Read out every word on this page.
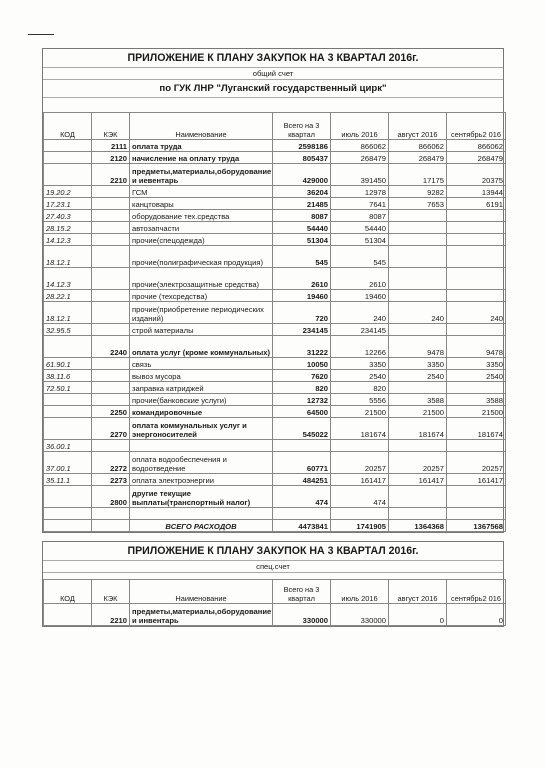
ПРИЛОЖЕНИЕ К ПЛАНУ ЗАКУПОК НА 3 КВАРТАЛ 2016г.
общий счет
по ГУК ЛНР "Луганский государственный цирк"
КОД	КЭК	Наименование	Всего на 3 квартал	июль 2016	август 2016	сентябрь2 016
	2111	оплата труда	2598186	866062	866062	866062
	2120	начисление на оплату труда	805437	268479	268479	268479
	2210	предметы,материалы,оборудование и иевентарь	429000	391450	17175	20375
19.20.2		ГСМ	36204	12978	9282	13944
17.23.1		канцтовары	21485	7641	7653	6191
27.40.3		оборудование тех.средства	8087	8087		
28.15.2		автозапчасти	54440	54440		
14.12.3		прочие(спецодежда)	51304	51304		
18.12.1		прочие(полиграфическая продукция)	545	545		
14.12.3		прочие(электрозащитные средства)	2610	2610		
28.22.1		прочие (техсредства)	19460	19460		
18.12.1		прочие(приобретение периодических изданий)	720	240	240	240
32.95.5		строй материалы	234145	234145		
	2240	оплата услуг (кроме коммунальных)	31222	12266	9478	9478
61.90.1		связь	10050	3350	3350	3350
38.11.6		вывоз мусора	7620	2540	2540	2540
72.50.1		заправка катриджей	820	820		
		прочие(банковские услуги)	12732	5556	3588	3588
	2250	командировочные	64500	21500	21500	21500
	2270	оплата коммунальных услуг и энергоносителей	545022	181674	181674	181674
36.00.1						
37.00.1	2272	оплата водообеспечения и водоотведение	60771	20257	20257	20257
35.11.1	2273	оплата электроэнергии	484251	161417	161417	161417
	2800	другие текущие выплаты(транспортный налог)	474	474		

		ВСЕГО РАСХОДОВ	4473841	1741905	1364368	1367568
ПРИЛОЖЕНИЕ К ПЛАНУ ЗАКУПОК НА 3 КВАРТАЛ 2016г.
спец.счет
КОД	КЭК	Наименование	Всего на 3 квартал	июль 2016	август 2016	сентябрь2 016
	2210	предметы,материалы,оборудование и инвентарь	330000	330000	0	0
